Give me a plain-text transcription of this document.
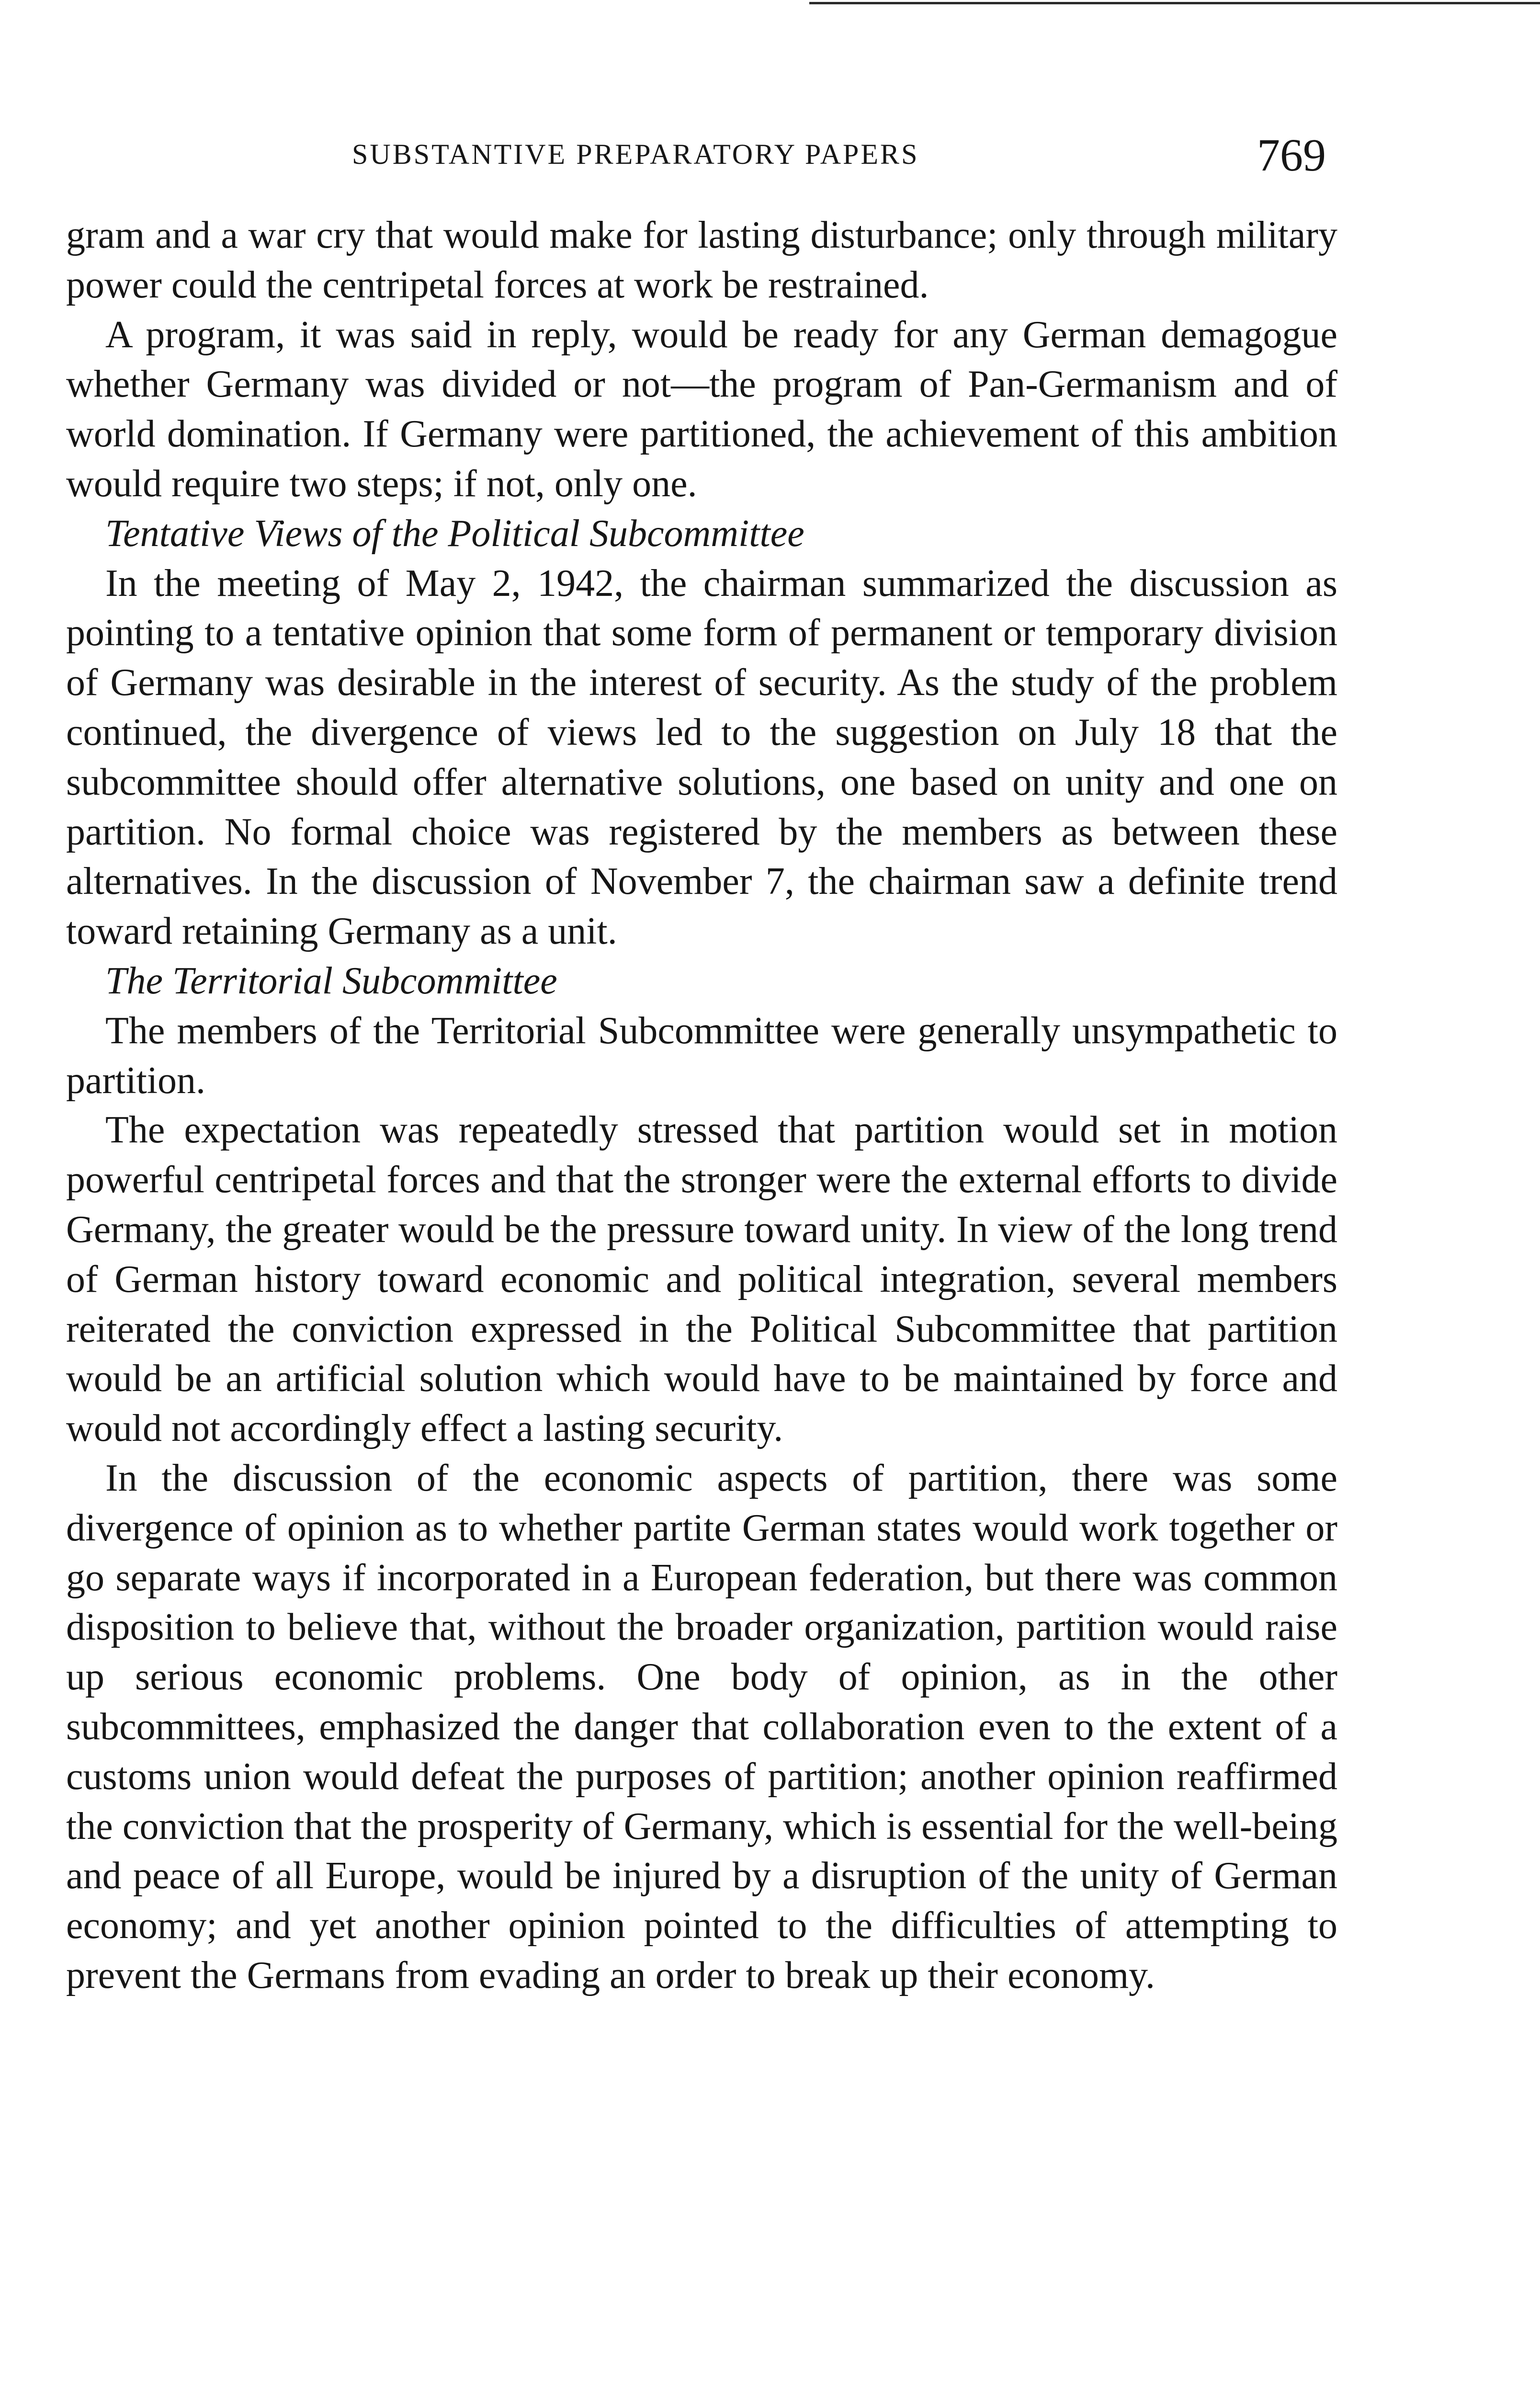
SUBSTANTIVE PREPARATORY PAPERS	769

gram and a war cry that would make for lasting disturbance; only through military power could the centripetal forces at work be restrained.

A program, it was said in reply, would be ready for any German demagogue whether Germany was divided or not—the program of Pan-Germanism and of world domination. If Germany were partitioned, the achievement of this ambition would require two steps; if not, only one.

Tentative Views of the Political Subcommittee

In the meeting of May 2, 1942, the chairman summarized the discussion as pointing to a tentative opinion that some form of permanent or temporary division of Germany was desirable in the interest of security. As the study of the problem continued, the divergence of views led to the suggestion on July 18 that the subcommittee should offer alternative solutions, one based on unity and one on partition. No formal choice was registered by the members as between these alternatives. In the discussion of November 7, the chairman saw a definite trend toward retaining Germany as a unit.

The Territorial Subcommittee

The members of the Territorial Subcommittee were generally unsympathetic to partition.

The expectation was repeatedly stressed that partition would set in motion powerful centripetal forces and that the stronger were the external efforts to divide Germany, the greater would be the pressure toward unity. In view of the long trend of German history toward economic and political integration, several members reiterated the conviction expressed in the Political Subcommittee that partition would be an artificial solution which would have to be maintained by force and would not accordingly effect a lasting security.

In the discussion of the economic aspects of partition, there was some divergence of opinion as to whether partite German states would work together or go separate ways if incorporated in a European federation, but there was common disposition to believe that, without the broader organization, partition would raise up serious economic problems. One body of opinion, as in the other subcommittees, emphasized the danger that collaboration even to the extent of a customs union would defeat the purposes of partition; another opinion reaffirmed the conviction that the prosperity of Germany, which is essential for the well-being and peace of all Europe, would be injured by a disruption of the unity of German economy; and yet another opinion pointed to the difficulties of attempting to prevent the Germans from evading an order to break up their economy.
